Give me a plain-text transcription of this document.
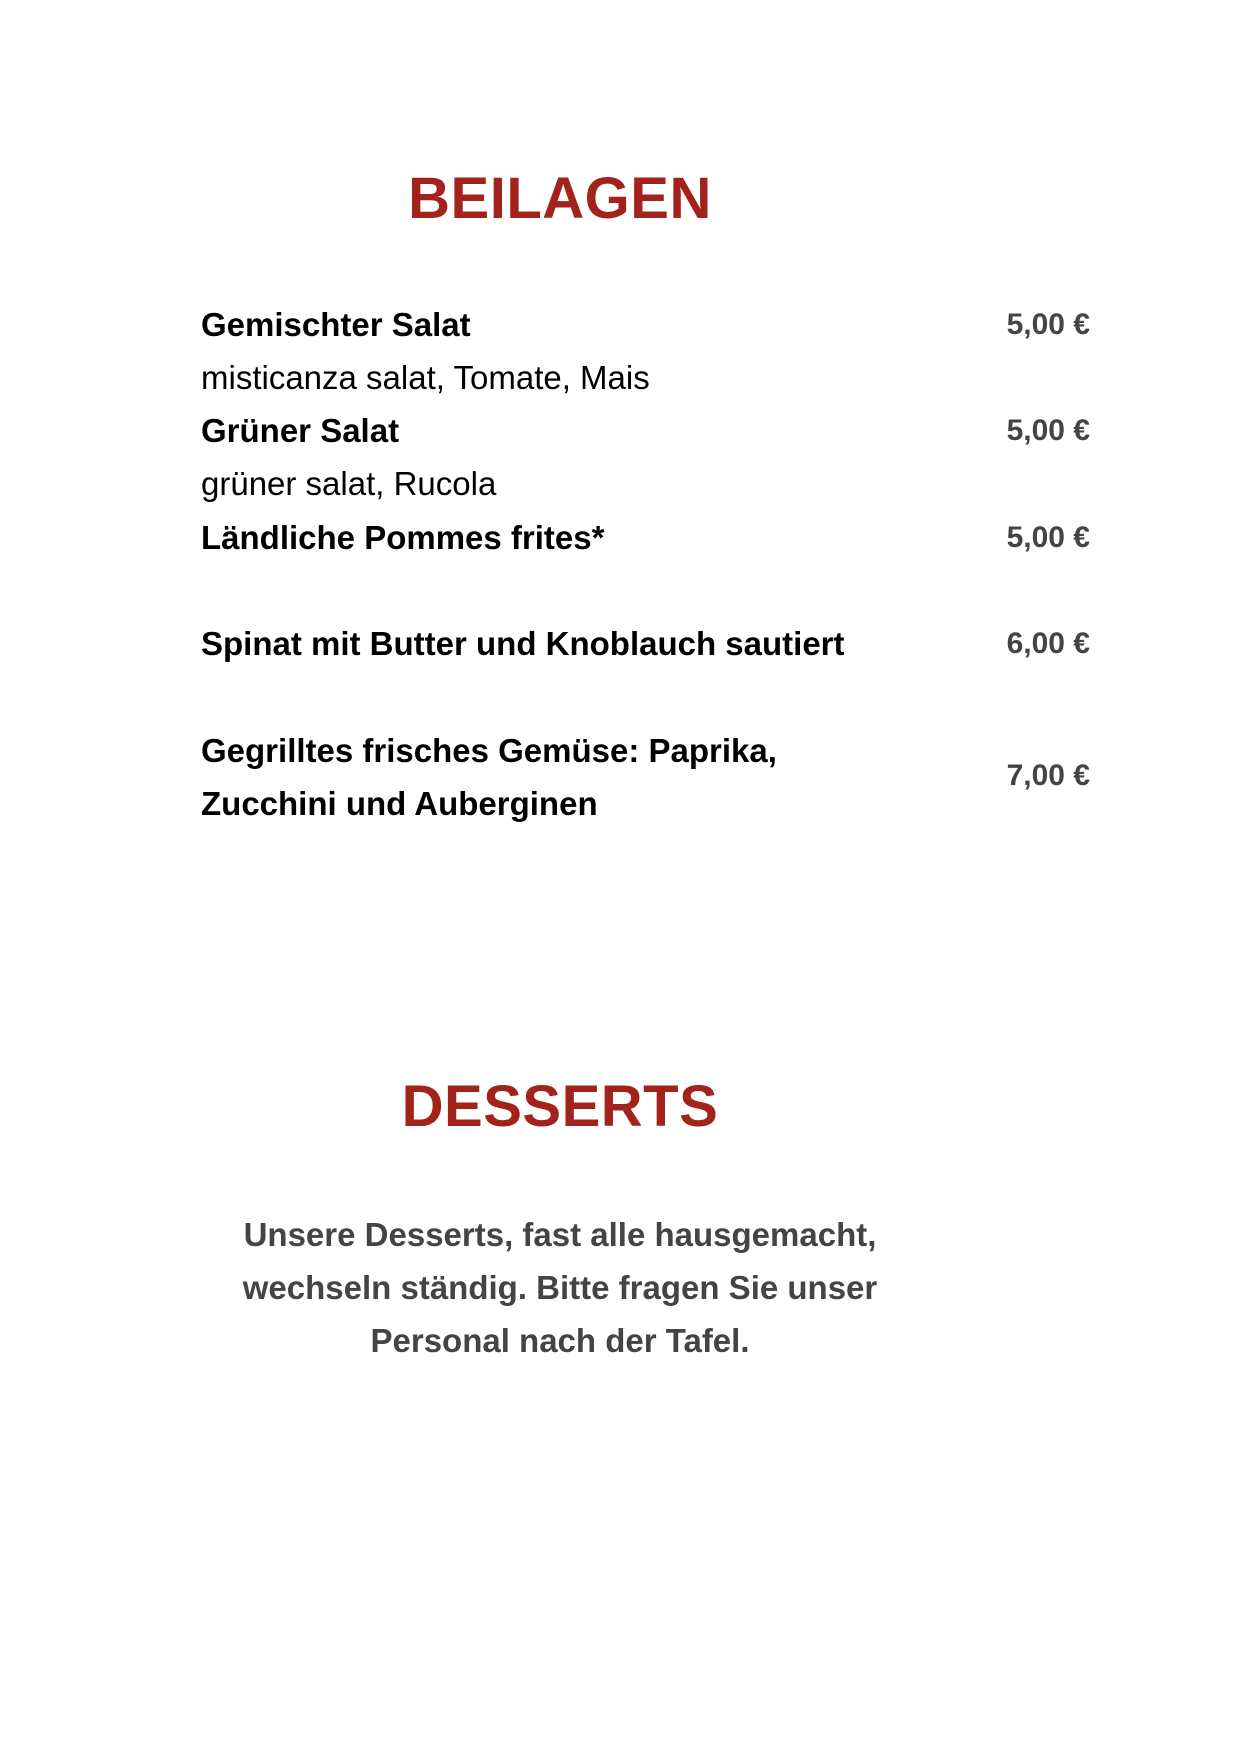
BEILAGEN
Gemischter Salat	5,00 €
misticanza salat, Tomate, Mais
Grüner Salat	5,00 €
grüner salat, Rucola
Ländliche Pommes frites*	5,00 €
Spinat mit Butter und Knoblauch sautiert	6,00 €
Gegrilltes frisches Gemüse: Paprika, Zucchini und Auberginen
7,00 €
DESSERTS
Unsere Desserts, fast alle hausgemacht, wechseln ständig. Bitte fragen Sie unser Personal nach der Tafel.
